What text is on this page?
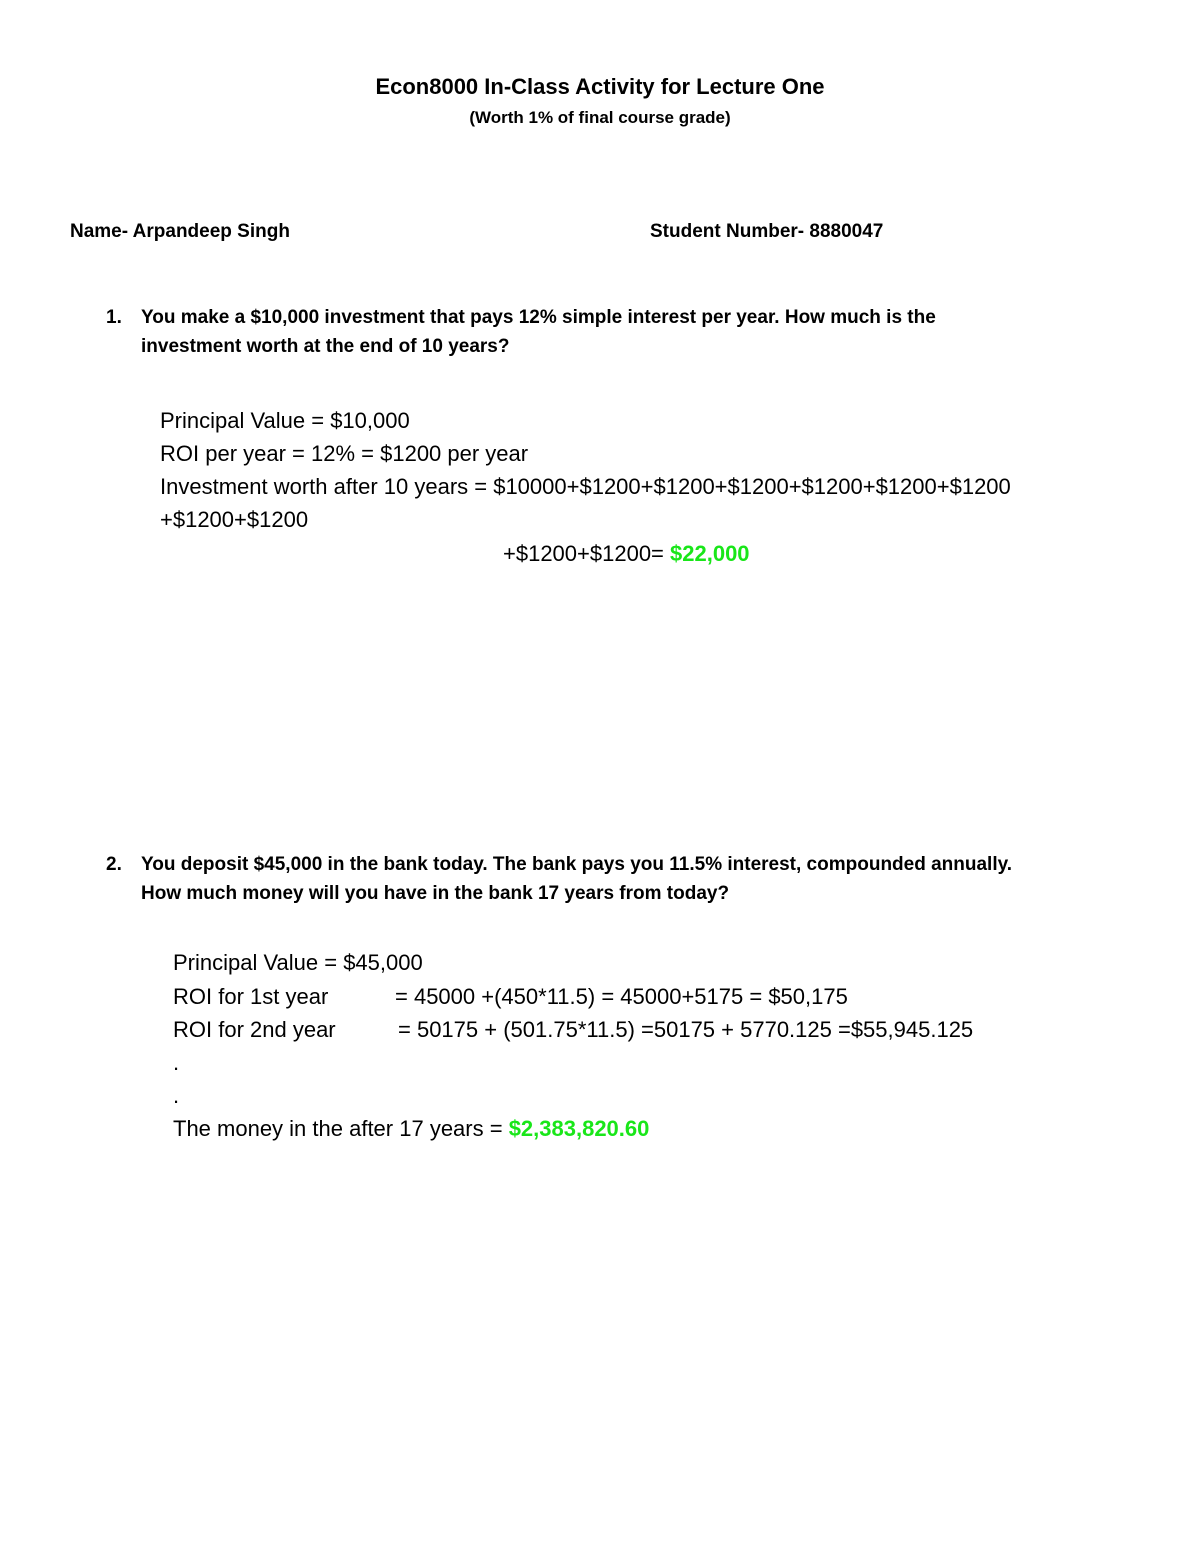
Econ8000 In-Class Activity for Lecture One
(Worth 1% of final course grade)
Name- Arpandeep Singh	Student Number- 8880047
1. You make a $10,000 investment that pays 12% simple interest per year. How much is the
investment worth at the end of 10 years?
Principal Value = $10,000
ROI per year = 12% = $1200 per year
Investment worth after 10 years = $10000+$1200+$1200+$1200+$1200+$1200+$1200
+$1200+$1200
+$1200+$1200= $22,000
2. You deposit $45,000 in the bank today. The bank pays you 11.5% interest, compounded annually.
How much money will you have in the bank 17 years from today?
Principal Value = $45,000
ROI for 1st year	= 45000 +(450*11.5) = 45000+5175 = $50,175
ROI for 2nd year	= 50175 + (501.75*11.5) =50175 + 5770.125 =$55,945.125
.
.
The money in the after 17 years = $2,383,820.60
